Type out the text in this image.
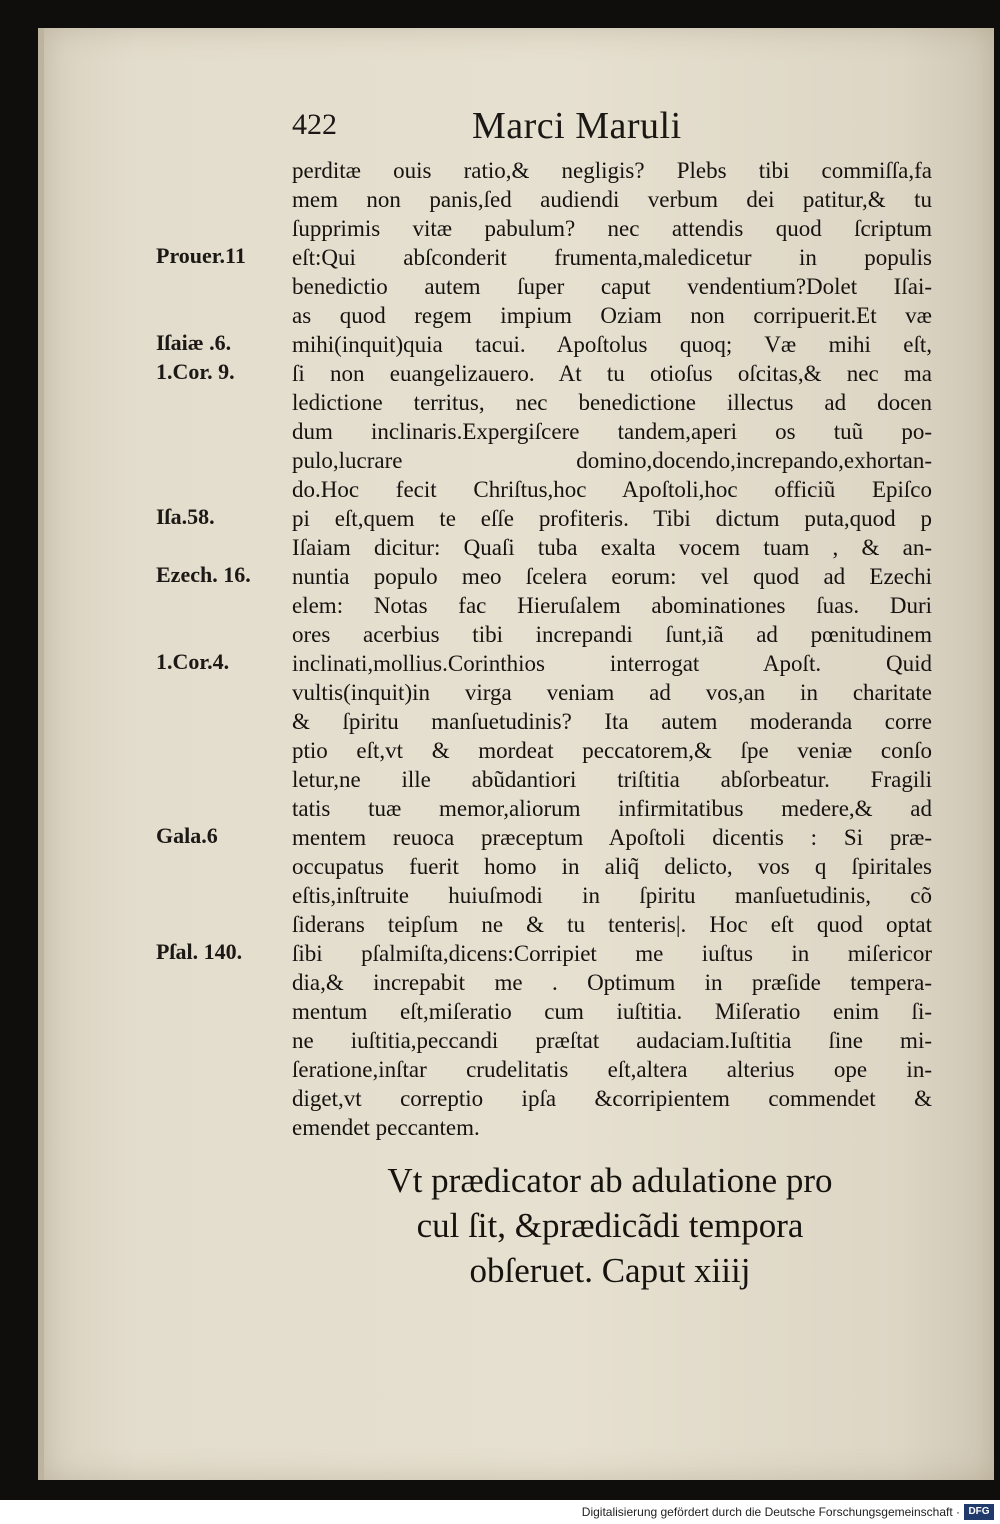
422	Marci Maruli
perditæ ouis ratio,& negligis? Plebs tibi commiſſa,fa
mem non panis,ſed audiendi verbum dei patitur,& tu
ſupprimis vitæ pabulum? nec attendis quod ſcriptum
eſt:Qui abſconderit frumenta,maledicetur in populis
benedictio autem ſuper caput vendentium?Dolet Iſai-
as quod regem impium Oziam non corripuerit.Et væ
mihi(inquit)quia tacui. Apoſtolus quoq; Væ mihi eſt,
ſi non euangelizauero. At tu otioſus oſcitas,& nec ma
ledictione territus, nec benedictione illectus ad docen
dum inclinaris.Expergiſcere tandem,aperi os tuũ po-
pulo,lucrare domino,docendo,increpando,exhortan-
do.Hoc fecit Chriſtus,hoc Apoſtoli,hoc officiũ Epiſco
pi eſt,quem te eſſe profiteris. Tibi dictum puta,quod p
Iſaiam dicitur: Quaſi tuba exalta vocem tuam , & an-
nuntia populo meo ſcelera eorum: vel quod ad Ezechi
elem: Notas fac Hieruſalem abominationes ſuas. Duri
ores acerbius tibi increpandi ſunt,iã ad pœnitudinem
inclinati,mollius.Corinthios interrogat Apoſt. Quid
vultis(inquit)in virga veniam ad vos,an in charitate
& ſpiritu manſuetudinis? Ita autem moderanda corre
ptio eſt,vt & mordeat peccatorem,& ſpe veniæ conſo
letur,ne ille abũdantiori triſtitia abſorbeatur. Fragili
tatis tuæ memor,aliorum infirmitatibus medere,& ad
mentem reuoca præceptum Apoſtoli dicentis : Si præ-
occupatus fuerit homo in aliq̃ delicto, vos q ſpiritales
eſtis,inſtruite huiuſmodi in ſpiritu manſuetudinis, cõ
ſiderans teipſum ne & tu tenteris|. Hoc eſt quod optat
ſibi pſalmiſta,dicens:Corripiet me iuſtus in miſericor
dia,& increpabit me . Optimum in præſide tempera-
mentum eſt,miſeratio cum iuſtitia. Miſeratio enim ſi-
ne iuſtitia,peccandi præſtat audaciam.Iuſtitia ſine mi-
ſeratione,inſtar crudelitatis eſt,altera alterius ope in-
diget,vt correptio ipſa &corripientem commendet &
emendet peccantem.
Prouer.11
Iſaiæ .6.
1.Cor. 9.
Iſa.58.
Ezech. 16.
1.Cor.4.
Gala.6
Pſal. 140.
Vt prædicator ab adulatione pro
cul ſit, &prædicãdi tempora
obſeruet. Caput xiiij
Digitalisierung gefördert durch die Deutsche Forschungsgemeinschaft · DFG
